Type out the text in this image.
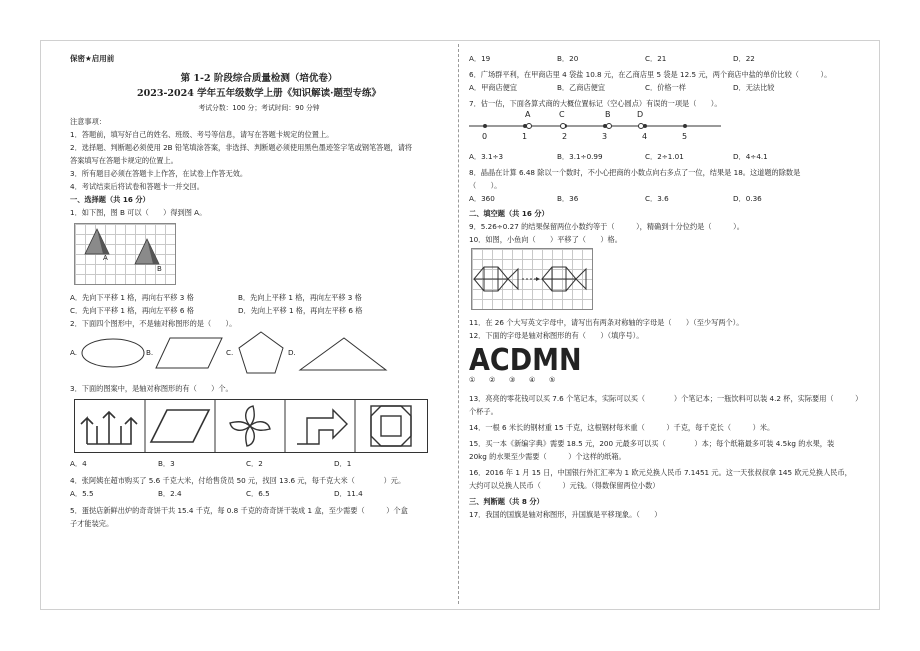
保密★启用前
第 1-2 阶段综合质量检测（培优卷）
2023-2024 学年五年级数学上册《知识解读·题型专练》
考试分数：100 分；考试时间：90 分钟
注意事项：
1．答题前，填写好自己的姓名、班级、考号等信息，请写在答题卡规定的位置上。
2．选择题、判断题必须使用 2B 铅笔填涂答案，非选择、判断题必须使用黑色墨迹签字笔或钢笔答题，请将
答案填写在答题卡规定的位置上。
3．所有题目必须在答题卡上作答，在试卷上作答无效。
4．考试结束后将试卷和答题卡一并交回。
一、选择题（共 16 分）
1．如下图，图 B 可以（　　）得到图 A。
A
B
A．先向下平移 1 格，再向右平移 3 格	B．先向上平移 1 格，再向左平移 3 格
C．先向下平移 1 格，再向左平移 6 格	D．先向上平移 1 格，再向左平移 6 格
2．下面四个图形中，不是轴对称图形的是（　　）。
A.	B.	C.	D.
3．下面的图案中，是轴对称图形的有（　　）个。
A．4	B．3	C．2	D．1
4．张阿姨在超市购买了 5.6 千克大米，付给售货员 50 元，找回 13.6 元，每千克大米（　　　　）元。
A．5.5	B．2.4	C．6.5	D．11.4
5．蛋挞店新鲜出炉的奇奇饼干共 15.4 千克，每 0.8 千克的奇奇饼干装成 1 盒，至少需要（　　　）个盒
子才能装完。
A．19	B．20	C．21	D．22
6．广场群平利，在甲商店里 4 袋盐 10.8 元，在乙商店里 5 袋是 12.5 元，两个商店中盐的单价比较（　　　）。
A．甲商店便宜	B．乙商店便宜	C．价格一样	D．无法比较
7．估一估，下面各算式商的大概位置标记（空心圆点）有误的一项是（　　）。
A	C	B	D
0	1	2	3	4	5
A．3.1÷3	B．3.1÷0.99	C．2÷1.01	D．4÷4.1
8．晶晶在计算 6.48 除以一个数时，不小心把商的小数点向右多点了一位，结果是 18。这道题的除数是
（　　）。
A．360	B．36	C．3.6	D．0.36
二、填空题（共 16 分）
9．5.26÷0.27 的结果保留两位小数约等于（　　　），精确到十分位约是（　　　）。
10．如图，小鱼向（　　）平移了（　　）格。
11．在 26 个大写英文字母中，请写出有两条对称轴的字母是（　　）（至少写两个）。
12．下面的字母是轴对称图形的有（　　）（填序号）。
ACDMN
①	②	③	④	⑤
13．亮亮的零花钱可以买 7.6 个笔记本，实际可以买（　　　　）个笔记本；一瓶饮料可以装 4.2 杯，实际要用（　　　）
个杯子。
14．一根 6 米长的钢材重 15 千克，这根钢材每米重（　　　）千克，每千克长（　　　）米。
15．买一本《新编字典》需要 18.5 元，200 元最多可以买（　　　　）本；每个纸箱最多可装 4.5kg 的水果，装
20kg 的水果至少需要（　　　）个这样的纸箱。
16．2016 年 1 月 15 日，中国银行外汇汇率为 1 欧元兑换人民币 7.1451 元。这一天张叔叔拿 145 欧元兑换人民币，
大约可以兑换人民币（　　　）元钱。（得数保留两位小数）
三、判断题（共 8 分）
17．我国的国旗是轴对称图形，升国旗是平移现象。（　　）
